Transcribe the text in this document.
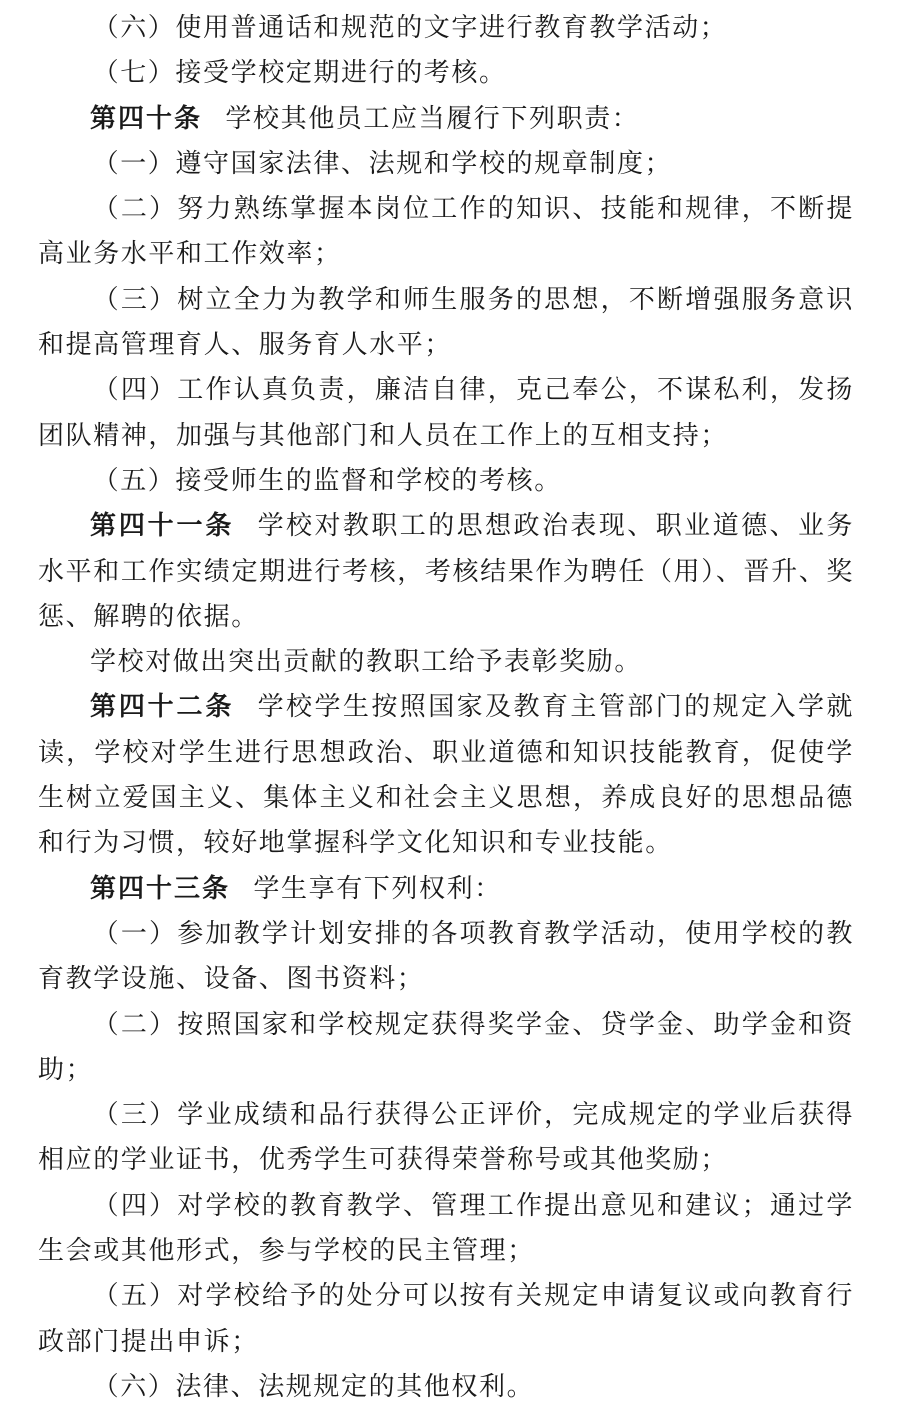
（六）使用普通话和规范的文字进行教育教学活动；

（七）接受学校定期进行的考核。

第四十条 学校其他员工应当履行下列职责：

（一）遵守国家法律、法规和学校的规章制度；

（二）努力熟练掌握本岗位工作的知识、技能和规律，不断提高业务水平和工作效率；

（三）树立全力为教学和师生服务的思想，不断增强服务意识和提高管理育人、服务育人水平；

（四）工作认真负责，廉洁自律，克己奉公，不谋私利，发扬团队精神，加强与其他部门和人员在工作上的互相支持；

（五）接受师生的监督和学校的考核。

第四十一条 学校对教职工的思想政治表现、职业道德、业务水平和工作实绩定期进行考核，考核结果作为聘任（用）、晋升、奖惩、解聘的依据。

学校对做出突出贡献的教职工给予表彰奖励。

第四十二条 学校学生按照国家及教育主管部门的规定入学就读，学校对学生进行思想政治、职业道德和知识技能教育，促使学生树立爱国主义、集体主义和社会主义思想，养成良好的思想品德和行为习惯，较好地掌握科学文化知识和专业技能。

第四十三条 学生享有下列权利：

（一）参加教学计划安排的各项教育教学活动，使用学校的教育教学设施、设备、图书资料；

（二）按照国家和学校规定获得奖学金、贷学金、助学金和资助；

（三）学业成绩和品行获得公正评价，完成规定的学业后获得相应的学业证书，优秀学生可获得荣誉称号或其他奖励；

（四）对学校的教育教学、管理工作提出意见和建议；通过学生会或其他形式，参与学校的民主管理；

（五）对学校给予的处分可以按有关规定申请复议或向教育行政部门提出申诉；

（六）法律、法规规定的其他权利。
